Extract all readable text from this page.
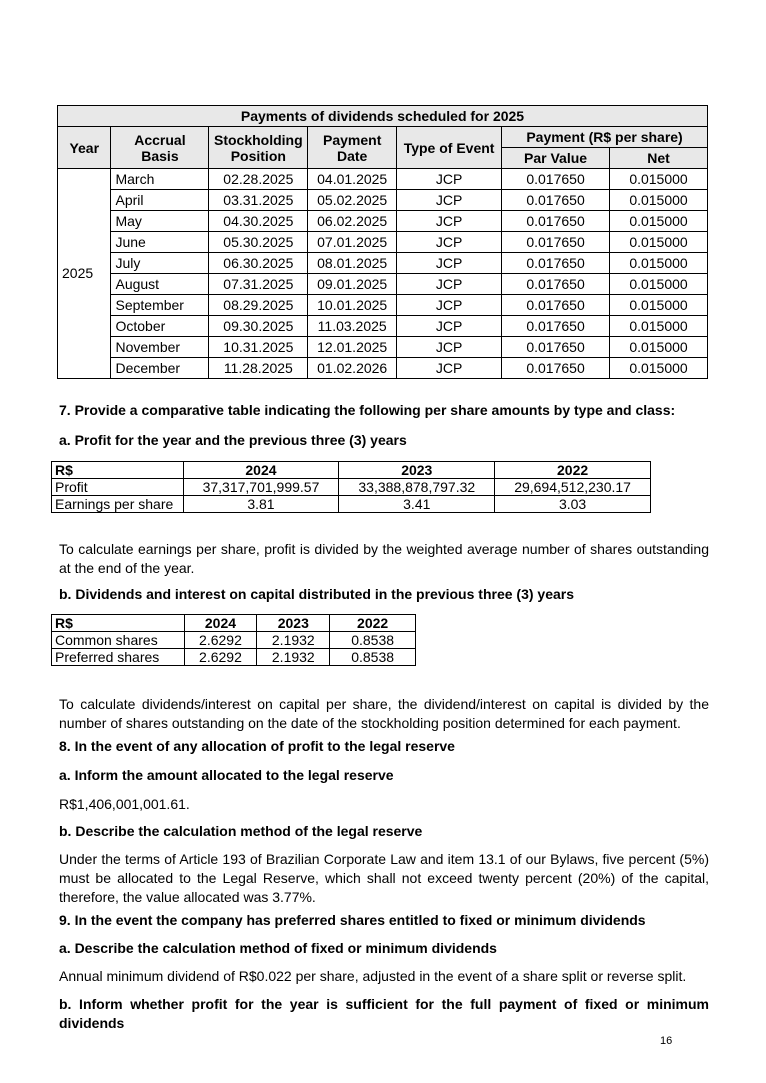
Payments of dividends scheduled for 2025						
Year	Accrual Basis	Stockholding Position	Payment Date	Type of Event	Payment (R$ per share)	
					Par Value	Net
2025	March	02.28.2025	04.01.2025	JCP	0.017650	0.015000
	April	03.31.2025	05.02.2025	JCP	0.017650	0.015000
	May	04.30.2025	06.02.2025	JCP	0.017650	0.015000
	June	05.30.2025	07.01.2025	JCP	0.017650	0.015000
	July	06.30.2025	08.01.2025	JCP	0.017650	0.015000
	August	07.31.2025	09.01.2025	JCP	0.017650	0.015000
	September	08.29.2025	10.01.2025	JCP	0.017650	0.015000
	October	09.30.2025	11.03.2025	JCP	0.017650	0.015000
	November	10.31.2025	12.01.2025	JCP	0.017650	0.015000
	December	11.28.2025	01.02.2026	JCP	0.017650	0.015000

7. Provide a comparative table indicating the following per share amounts by type and class:

a. Profit for the year and the previous three (3) years

R$	2024	2023	2022
Profit	37,317,701,999.57	33,388,878,797.32	29,694,512,230.17
Earnings per share	3.81	3.41	3.03

To calculate earnings per share, profit is divided by the weighted average number of shares outstanding at the end of the year.

b. Dividends and interest on capital distributed in the previous three (3) years

R$	2024	2023	2022
Common shares	2.6292	2.1932	0.8538
Preferred shares	2.6292	2.1932	0.8538

To calculate dividends/interest on capital per share, the dividend/interest on capital is divided by the number of shares outstanding on the date of the stockholding position determined for each payment.

8. In the event of any allocation of profit to the legal reserve

a. Inform the amount allocated to the legal reserve

R$1,406,001,001.61.

b. Describe the calculation method of the legal reserve

Under the terms of Article 193 of Brazilian Corporate Law and item 13.1 of our Bylaws, five percent (5%) must be allocated to the Legal Reserve, which shall not exceed twenty percent (20%) of the capital, therefore, the value allocated was 3.77%.

9. In the event the company has preferred shares entitled to fixed or minimum dividends

a. Describe the calculation method of fixed or minimum dividends

Annual minimum dividend of R$0.022 per share, adjusted in the event of a share split or reverse split.

b. Inform whether profit for the year is sufficient for the full payment of fixed or minimum dividends

16
